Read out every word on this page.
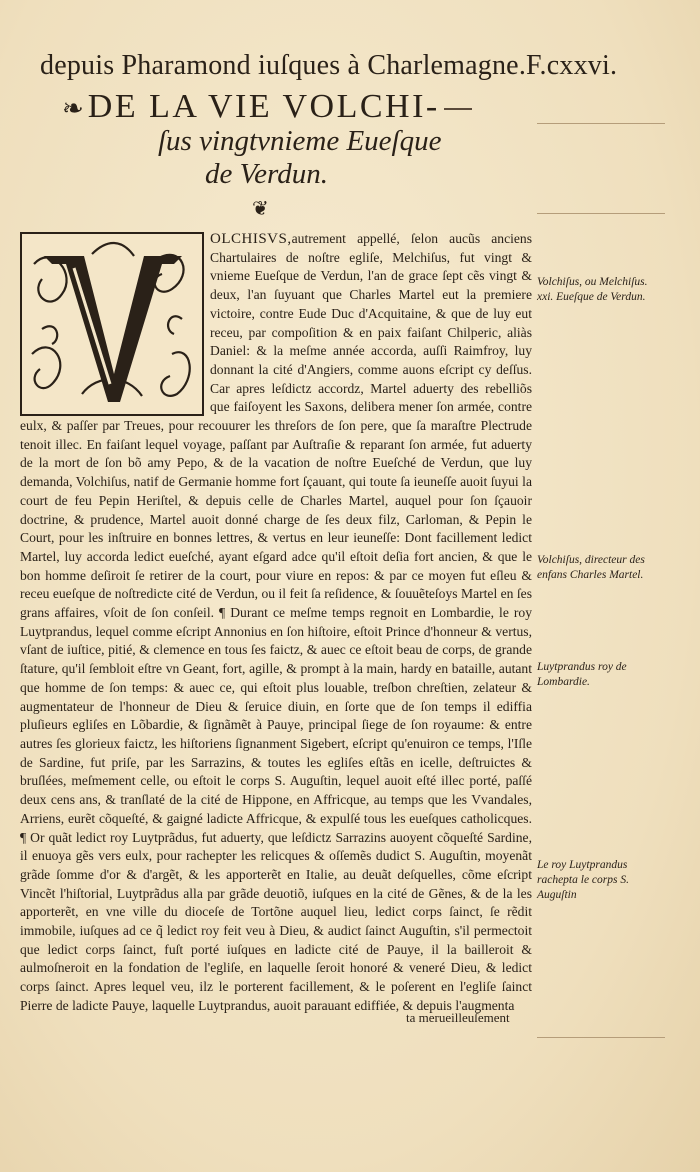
depuis Pharamond iuſques à Charlemagne.F.cxxvi.
❧ DE LA VIE VOLCHI-
ſus vingtvnieme Eueſque
de Verdun.
❦
OLCHISVS,autrement appellé, ſelon aucũs anciens Chartulaires de noſtre egliſe, Melchiſus, fut vingt & vnieme Eueſque de Verdun, l'an de grace ſept cẽs vingt & deux, l'an ſuyuant que Charles Martel eut la premiere victoire, contre Eude Duc d'Acquitaine, & que de luy eut receu, par compoſition & en paix faiſant Chilperic, aliàs Daniel: & la meſme année accorda, auſſi Raimfroy, luy donnant la cité d'Angiers, comme auons eſcript cy deſſus. Car apres leſdictz accordz, Martel aduerty des rebelliõs que faiſoyent les Saxons, delibera mener ſon armée, contre eulx, & paſſer par Treues, pour recouurer les threſors de ſon pere, que ſa maraſtre Plectrude tenoit illec. En faiſant lequel voyage, paſſant par Auſtraſie & reparant ſon armée, fut aduerty de la mort de ſon bõ amy Pepo, & de la vacation de noſtre Eueſché de Verdun, que luy demanda, Volchiſus, natif de Germanie homme fort ſçauant, qui toute ſa ieuneſſe auoit ſuyui la court de feu Pepin Heriſtel, & depuis celle de Charles Martel, auquel pour ſon ſçauoir doctrine, & prudence, Martel auoit donné charge de ſes deux filz, Carloman, & Pepin le Court, pour les inſtruire en bonnes lettres, & vertus en leur ieuneſſe: Dont facillement ledict Martel, luy accorda ledict eueſché, ayant eſgard adce qu'il eſtoit deſia fort ancien, & que le bon homme deſiroit ſe retirer de la court, pour viure en repos: & par ce moyen fut eſleu & receu eueſque de noſtredicte cité de Verdun, ou il feit ſa reſidence, & ſouuẽteſoys Martel en ſes grans affaires, vſoit de ſon conſeil. ¶ Durant ce meſme temps regnoit en Lombardie, le roy Luytprandus, lequel comme eſcript Annonius en ſon hiſtoire, eſtoit Prince d'honneur & vertus, vſant de iuſtice, pitié, & clemence en tous ſes faictz, & auec ce eſtoit beau de corps, de grande ſtature, qu'il ſembloit eſtre vn Geant, fort, agille, & prompt à la main, hardy en bataille, autant que homme de ſon temps: & auec ce, qui eſtoit plus louable, treſbon chreſtien, zelateur & augmentateur de l'honneur de Dieu & ſeruice diuin, en ſorte que de ſon temps il ediffia pluſieurs egliſes en Lõbardie, & ſignãmẽt à Pauye, principal ſiege de ſon royaume: & entre autres ſes glorieux faictz, les hiſtoriens ſignanment Sigebert, eſcript qu'enuiron ce temps, l'Iſle de Sardine, fut priſe, par les Sarrazins, & toutes les egliſes eſtãs en icelle, deſtruictes & bruſlées, meſmement celle, ou eſtoit le corps S. Auguſtin, lequel auoit eſté illec porté, paſſé deux cens ans, & tranſlaté de la cité de Hippone, en Affricque, au temps que les Vvandales, Arriens, eurẽt cõqueſté, & gaigné ladicte Affricque, & expulſé tous les eueſques catholicques. ¶ Or quãt ledict roy Luytprãdus, fut aduerty, que leſdictz Sarrazins auoyent cõqueſté Sardine, il enuoya gẽs vers eulx, pour rachepter les relicques & oſſemẽs dudict S. Auguſtin, moyenãt grãde ſomme d'or & d'argẽt, & les apporterẽt en Italie, au deuãt deſquelles, cõme eſcript Vincẽt l'hiſtorial, Luytprãdus alla par grãde deuotiõ, iuſques en la cité de Gẽnes, & de la les apporterẽt, en vne ville du diocеſe de Tortõne auquel lieu, ledict corps ſainct, ſe rẽdit immobile, iuſques ad ce q̃ ledict roy feit veu à Dieu, & audict ſainct Auguſtin, s'il permectoit que ledict corps ſainct, fuſt porté iuſques en ladicte cité de Pauye, il la bailleroit & aulmoſneroit en la fondation de l'egliſe, en laquelle ſeroit honoré & veneré Dieu, & ledict corps ſainct. Apres lequel veu, ilz le porterent facillement, & le poſerent en l'egliſe ſainct Pierre de ladicte Pauye, laquelle Luytprandus, auoit parauant ediffiée, & depuis l'augmenta
Volchiſus, ou Melchiſus. xxi. Eueſque de Verdun.
Volchiſus, directeur des enfans Charles Martel.
Luytprandus roy de Lombardie.
Le roy Luytprandus rachepta le corps S. Auguſtin
ta merueilleuſement
